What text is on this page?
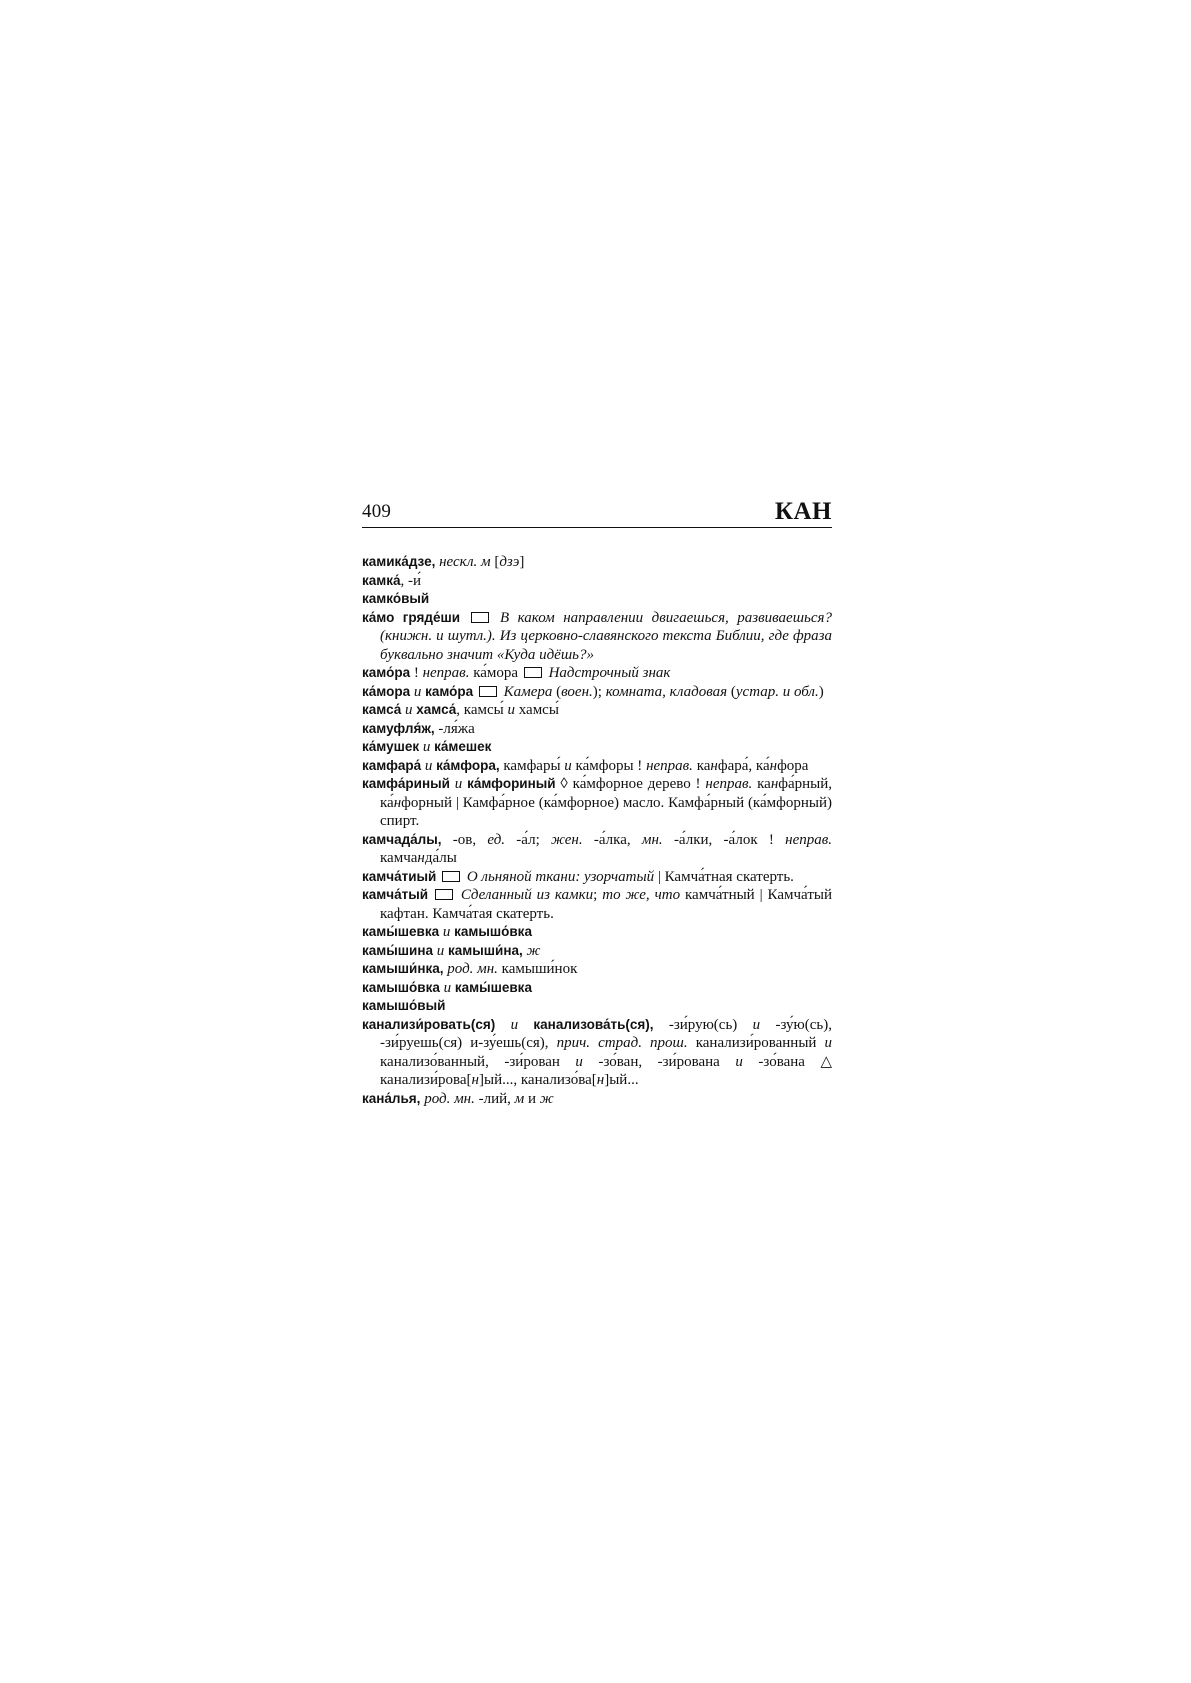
409	КАН

камика́дзе, нескл. м [дзэ]

камка́, -и́

камко́вый

ка́мо гряде́ши	В каком направлении двигаешься, развиваешься? (книжн. и шутл.). Из церковно-славянского текста Библии, где фраза буквально значит «Куда идёшь?»

камо́ра ! неправ. ка́мора  Надстрочный знак

ка́мора и камо́ра Камера (воен.); комната, кладовая (устар. и обл.)

камса́ и хамса́, камсы́ и хамсы́

камуфля́ж, -ля́жа

ка́мушек и ка́мешек

камфара́ и ка́мфора, камфары́ и ка́мфоры ! неправ. канфара́, ка́нфора

камфа́риный и ка́мфориный ◊ ка́мфорное дерево ! неправ. канфа́рный, ка́нфорный | Камфа́рное (ка́мфорное) масло. Камфа́рный (ка́мфорный) спирт.

камчада́лы, -ов, ед. -а́л; жен. -а́лка, мн. -а́лки, -а́лок ! неправ. камчанда́лы

камча́тиый О льняной ткани: узорчатый | Камча́тная скатерть.

камча́тый Сделанный из камки; то же, что камча́тный | Камча́тый кафтан. Камча́тая скатерть.

камы́шевка и камышо́вка

камы́шина и камыши́на, ж

камыши́нка, род. мн. камыши́нок

камышо́вка и камы́шевка

камышо́вый

канализи́ровать(ся) и канализова́ть(ся), -зи́рую(сь) и -зу́ю(сь), -зи́руешь(ся) и-зу́ешь(ся), прич. страд. прош. канализи́рованный и канализо́ванный, -зи́рован и -зо́ван, -зи́рована и -зо́вана △ канализи́рова[н]ый..., канализо́ва[н]ый...

кана́лья, род. мн. -лий, м и ж
